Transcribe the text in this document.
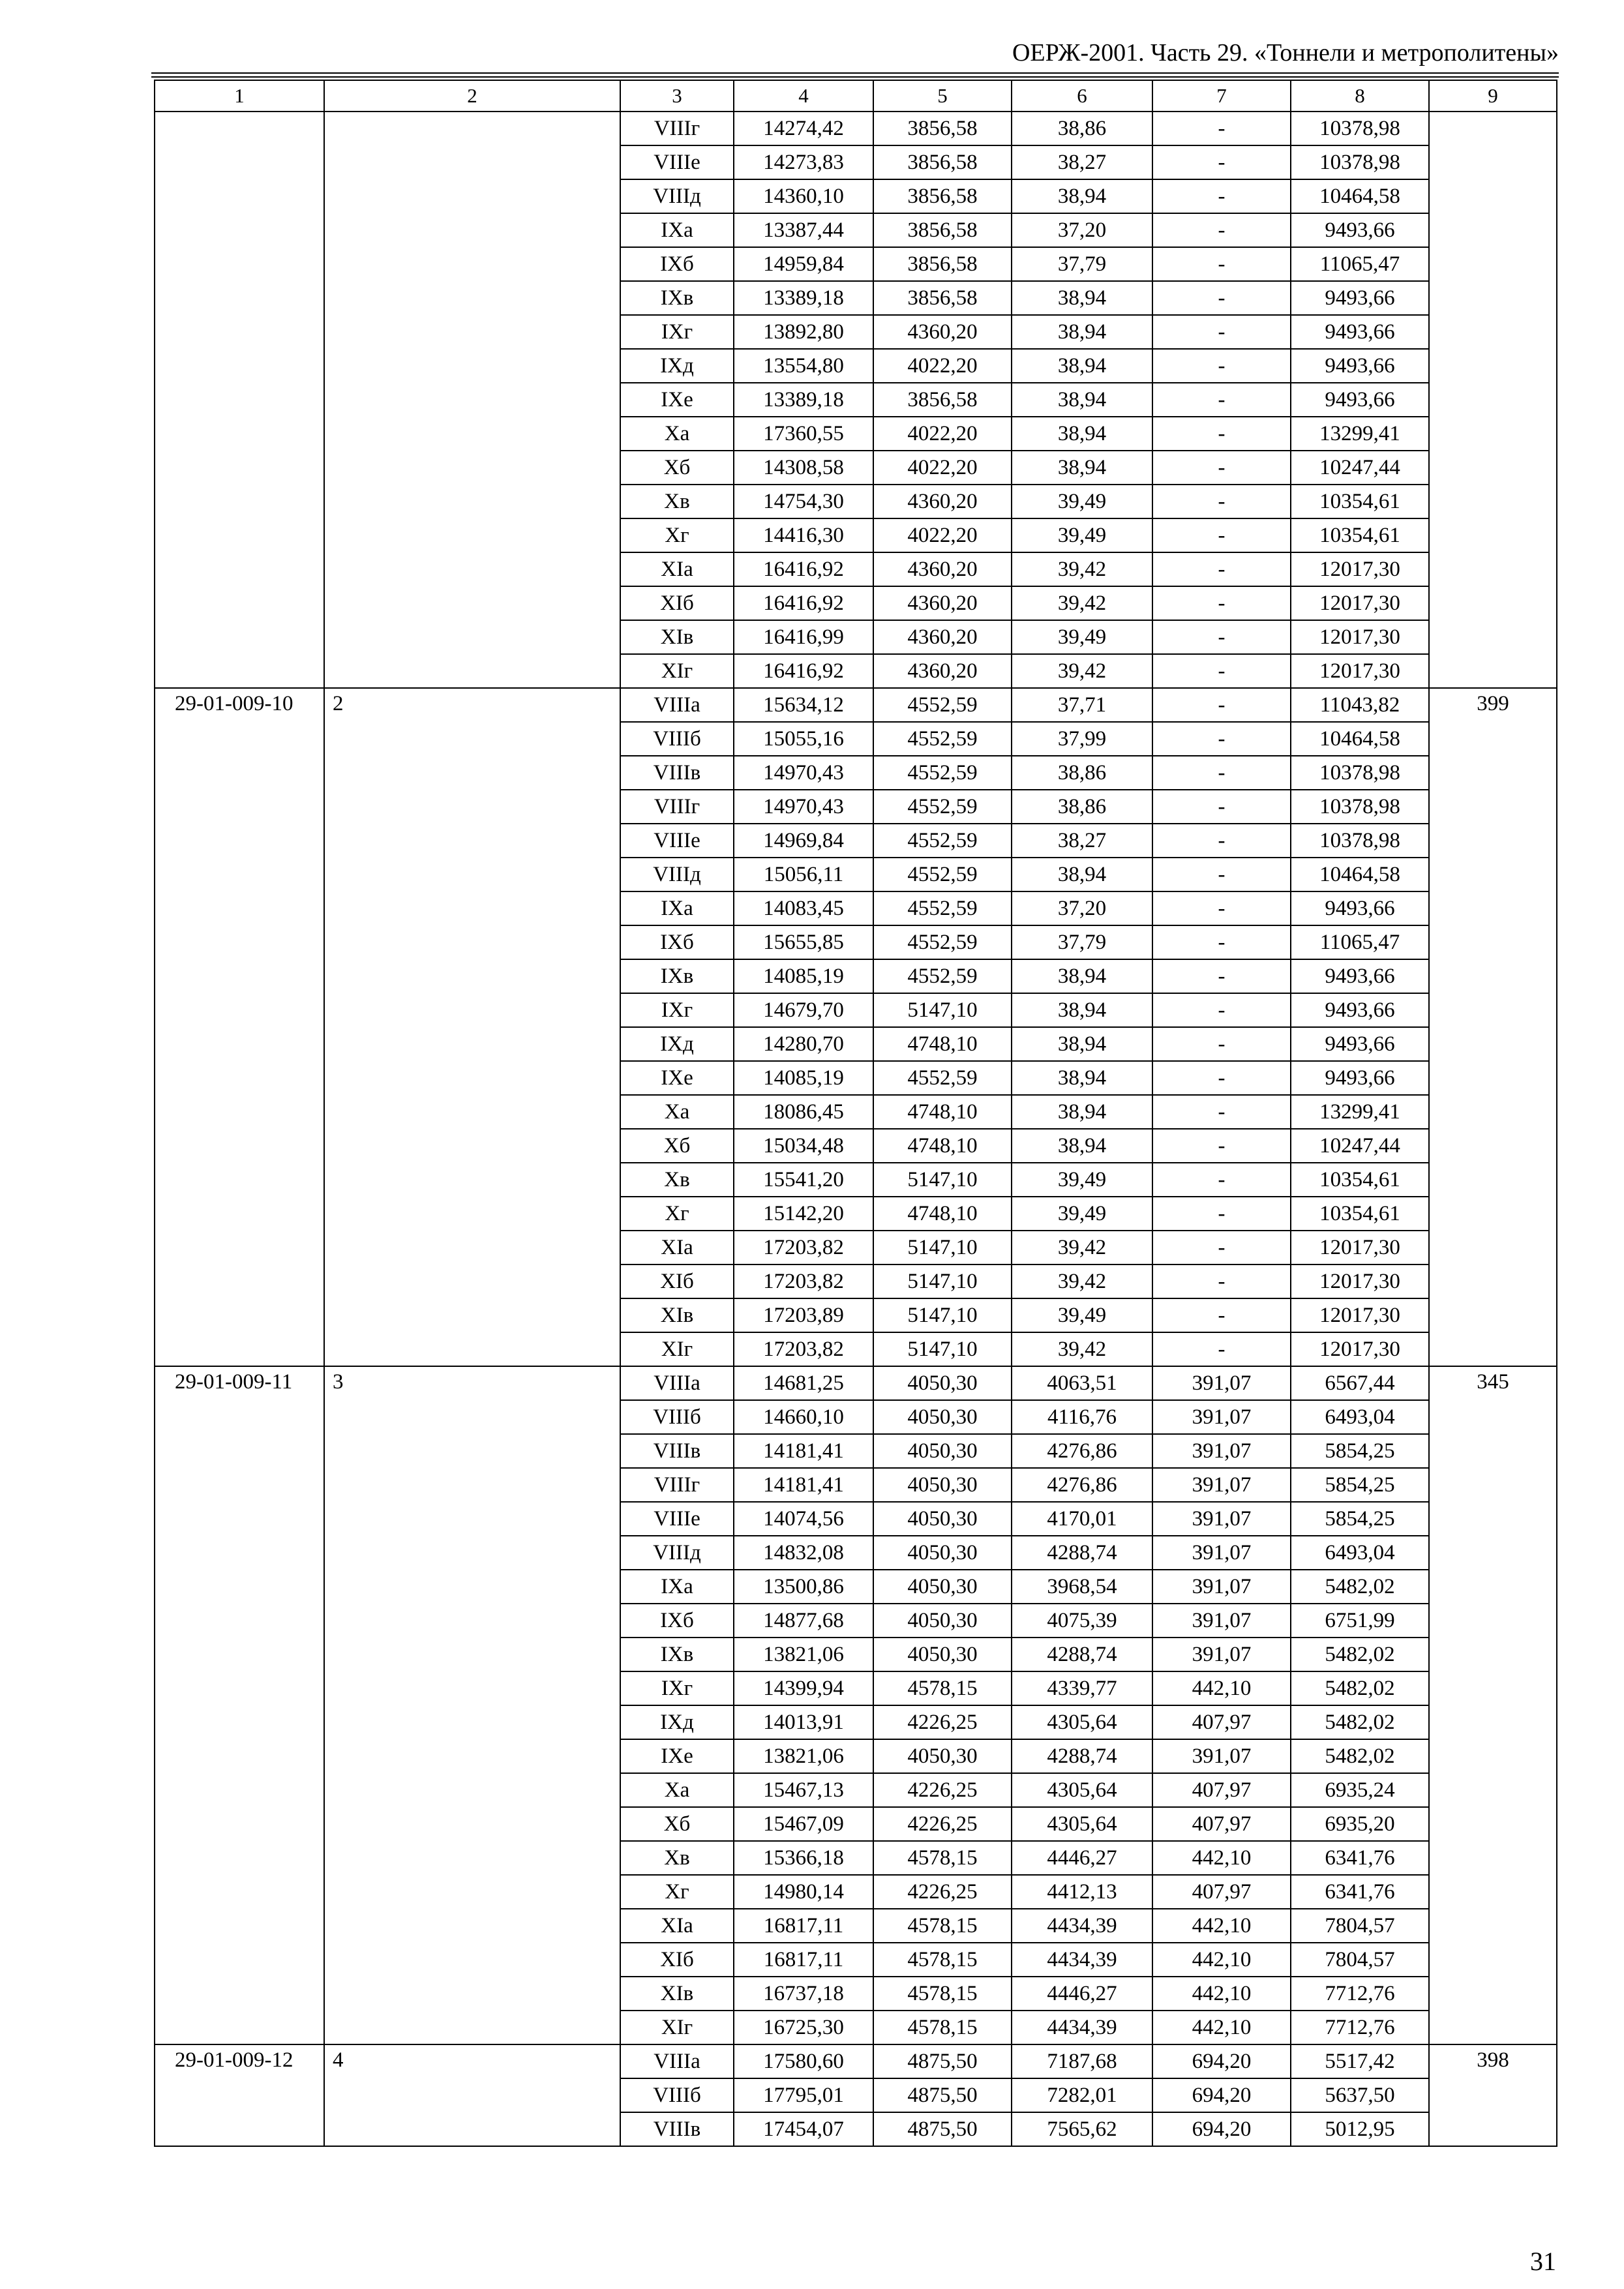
ОЕРЖ-2001. Часть 29. «Тоннели и метрополитены»
1	2	3	4	5	6	7	8	9
		VIIIг	14274,42	3856,58	38,86	-	10378,98	
		VIIIе	14273,83	3856,58	38,27	-	10378,98	
		VIIIд	14360,10	3856,58	38,94	-	10464,58	
		IXа	13387,44	3856,58	37,20	-	9493,66	
		IXб	14959,84	3856,58	37,79	-	11065,47	
		IXв	13389,18	3856,58	38,94	-	9493,66	
		IXг	13892,80	4360,20	38,94	-	9493,66	
		IXд	13554,80	4022,20	38,94	-	9493,66	
		IXе	13389,18	3856,58	38,94	-	9493,66	
		Xа	17360,55	4022,20	38,94	-	13299,41	
		Xб	14308,58	4022,20	38,94	-	10247,44	
		Xв	14754,30	4360,20	39,49	-	10354,61	
		Xг	14416,30	4022,20	39,49	-	10354,61	
		XIа	16416,92	4360,20	39,42	-	12017,30	
		XIб	16416,92	4360,20	39,42	-	12017,30	
		XIв	16416,99	4360,20	39,49	-	12017,30	
		XIг	16416,92	4360,20	39,42	-	12017,30	
29-01-009-10	2	VIIIа	15634,12	4552,59	37,71	-	11043,82	399
		VIIIб	15055,16	4552,59	37,99	-	10464,58	
		VIIIв	14970,43	4552,59	38,86	-	10378,98	
		VIIIг	14970,43	4552,59	38,86	-	10378,98	
		VIIIе	14969,84	4552,59	38,27	-	10378,98	
		VIIIд	15056,11	4552,59	38,94	-	10464,58	
		IXа	14083,45	4552,59	37,20	-	9493,66	
		IXб	15655,85	4552,59	37,79	-	11065,47	
		IXв	14085,19	4552,59	38,94	-	9493,66	
		IXг	14679,70	5147,10	38,94	-	9493,66	
		IXд	14280,70	4748,10	38,94	-	9493,66	
		IXе	14085,19	4552,59	38,94	-	9493,66	
		Xа	18086,45	4748,10	38,94	-	13299,41	
		Xб	15034,48	4748,10	38,94	-	10247,44	
		Xв	15541,20	5147,10	39,49	-	10354,61	
		Xг	15142,20	4748,10	39,49	-	10354,61	
		XIа	17203,82	5147,10	39,42	-	12017,30	
		XIб	17203,82	5147,10	39,42	-	12017,30	
		XIв	17203,89	5147,10	39,49	-	12017,30	
		XIг	17203,82	5147,10	39,42	-	12017,30	
29-01-009-11	3	VIIIа	14681,25	4050,30	4063,51	391,07	6567,44	345
		VIIIб	14660,10	4050,30	4116,76	391,07	6493,04	
		VIIIв	14181,41	4050,30	4276,86	391,07	5854,25	
		VIIIг	14181,41	4050,30	4276,86	391,07	5854,25	
		VIIIе	14074,56	4050,30	4170,01	391,07	5854,25	
		VIIIд	14832,08	4050,30	4288,74	391,07	6493,04	
		IXа	13500,86	4050,30	3968,54	391,07	5482,02	
		IXб	14877,68	4050,30	4075,39	391,07	6751,99	
		IXв	13821,06	4050,30	4288,74	391,07	5482,02	
		IXг	14399,94	4578,15	4339,77	442,10	5482,02	
		IXд	14013,91	4226,25	4305,64	407,97	5482,02	
		IXе	13821,06	4050,30	4288,74	391,07	5482,02	
		Xа	15467,13	4226,25	4305,64	407,97	6935,24	
		Xб	15467,09	4226,25	4305,64	407,97	6935,20	
		Xв	15366,18	4578,15	4446,27	442,10	6341,76	
		Xг	14980,14	4226,25	4412,13	407,97	6341,76	
		XIа	16817,11	4578,15	4434,39	442,10	7804,57	
		XIб	16817,11	4578,15	4434,39	442,10	7804,57	
		XIв	16737,18	4578,15	4446,27	442,10	7712,76	
		XIг	16725,30	4578,15	4434,39	442,10	7712,76	
29-01-009-12	4	VIIIа	17580,60	4875,50	7187,68	694,20	5517,42	398
		VIIIб	17795,01	4875,50	7282,01	694,20	5637,50	
		VIIIв	17454,07	4875,50	7565,62	694,20	5012,95	
31
